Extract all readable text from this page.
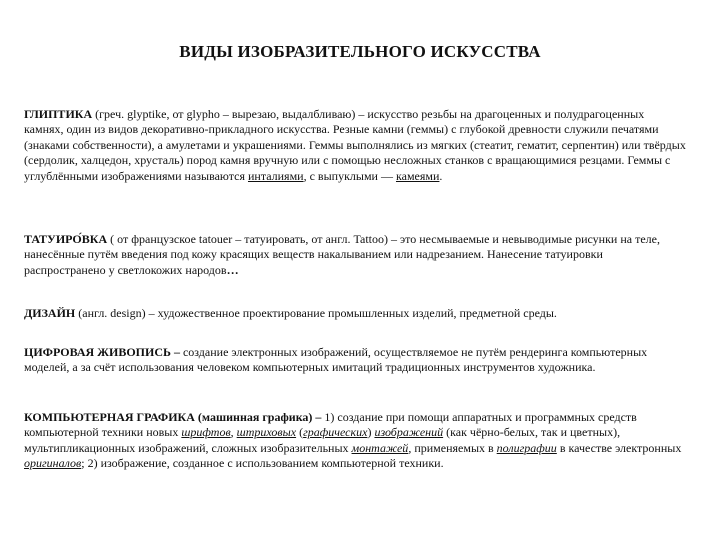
ВИДЫ ИЗОБРАЗИТЕЛЬНОГО ИСКУССТВА
ГЛИПТИКА (греч. glyptike, от glypho – вырезаю, выдалбливаю) – искусство резьбы на драгоценных и полудрагоценных камнях, один из видов декоративно-прикладного искусства. Резные камни (геммы) с глубокой древности служили печатями (знаками собственности), а амулетами и украшениями. Геммы выполнялись из мягких (стеатит, гематит, серпентин) или твёрдых (сердолик, халцедон, хрусталь) пород камня вручную или с помощью несложных станков с вращающимися резцами. Геммы с углублёнными изображениями называются инталиями, с выпуклыми — камеями.
ТАТУИРО́ВКА ( от французское tatouer – татуировать, от англ. Tattoo) – это несмываемые и невыводимые рисунки на теле, нанесённые путём введения под кожу красящих веществ накалыванием или надрезанием. Нанесение татуировки распространено у светлокожих народов…
ДИЗАЙН (англ. design) – художественное проектирование промышленных изделий, предметной среды.
ЦИФРОВАЯ ЖИВОПИСЬ – создание электронных изображений, осуществляемое не путём рендеринга компьютерных моделей, а за счёт использования человеком компьютерных имитаций традиционных инструментов художника.
КОМПЬЮТЕРНАЯ ГРАФИКА (машинная графика) – 1) создание при помощи аппаратных и программных средств компьютерной техники новых шрифтов, штриховых (графических) изображений (как чёрно-белых, так и цветных), мультипликационных изображений, сложных изобразительных монтажей, применяемых в полиграфии в качестве электронных оригиналов; 2) изображение, созданное с использованием компьютерной техники.
